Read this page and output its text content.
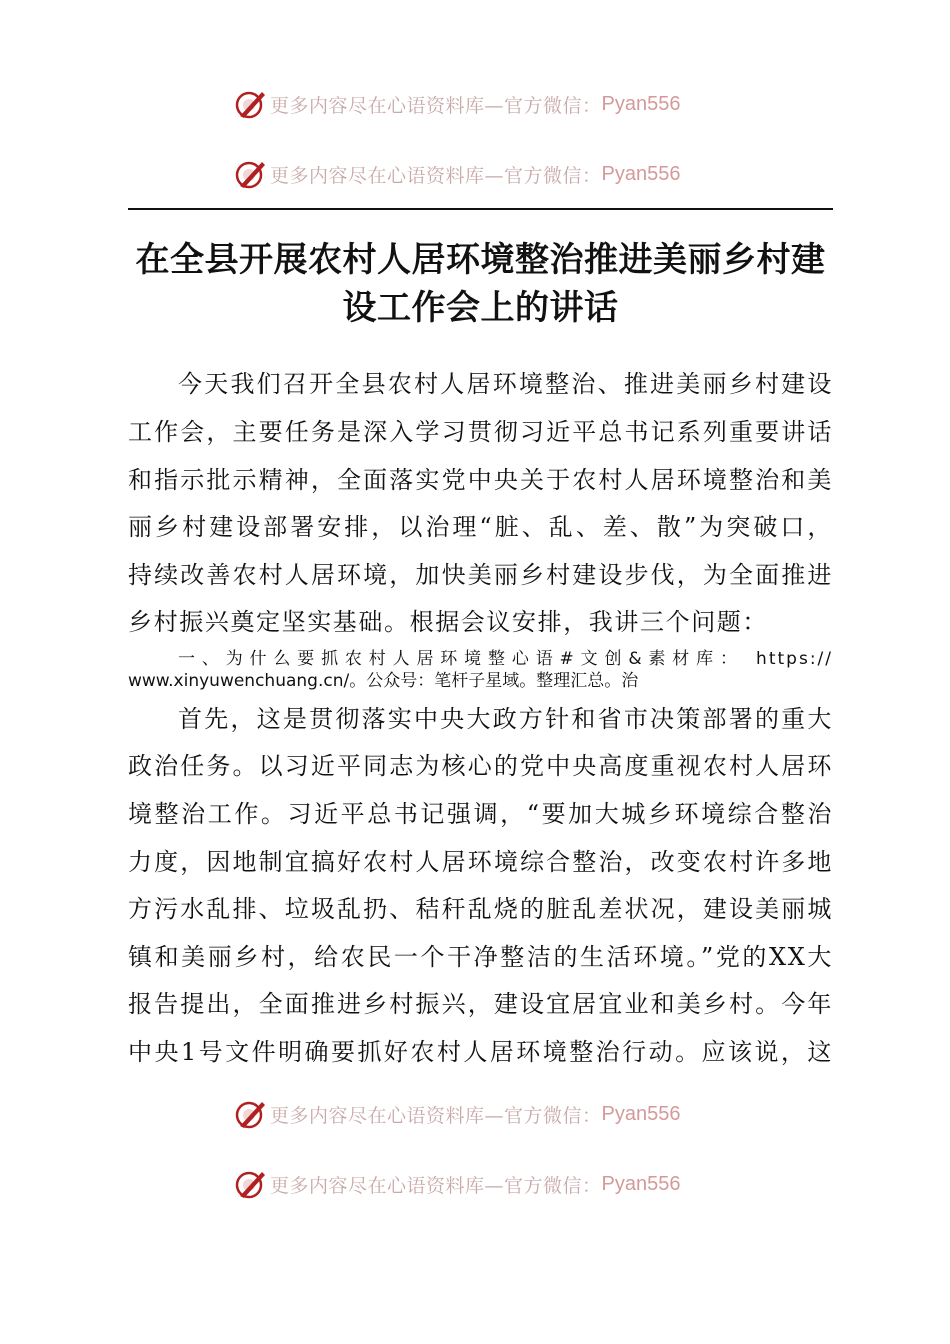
更多内容尽在心语资料库—官方微信： Pyan556
更多内容尽在心语资料库—官方微信： Pyan556
在全县开展农村人居环境整治推进美丽乡村建
设工作会上的讲话
今天我们召开全县农村人居环境整治、推进美丽乡村建设
工作会，主要任务是深入学习贯彻习近平总书记系列重要讲话
和指示批示精神，全面落实党中央关于农村人居环境整治和美
丽乡村建设部署安排，以治理“脏、乱、差、散”为突破口，
持续改善农村人居环境，加快美丽乡村建设步伐，为全面推进
乡村振兴奠定坚实基础。根据会议安排，我讲三个问题：
一、为什么要抓农村人居环境整心语#文创&素材库： https://
www.xinyuwenchuang.cn/。公众号：笔杆子星域。整理汇总。治
首先，这是贯彻落实中央大政方针和省市决策部署的重大
政治任务。以习近平同志为核心的党中央高度重视农村人居环
境整治工作。习近平总书记强调，“要加大城乡环境综合整治
力度，因地制宜搞好农村人居环境综合整治，改变农村许多地
方污水乱排、垃圾乱扔、秸秆乱烧的脏乱差状况，建设美丽城
镇和美丽乡村，给农民一个干净整洁的生活环境。”党的XX大
报告提出，全面推进乡村振兴，建设宜居宜业和美乡村。今年
中央1号文件明确要抓好农村人居环境整治行动。应该说，这
更多内容尽在心语资料库—官方微信： Pyan556
更多内容尽在心语资料库—官方微信： Pyan556
